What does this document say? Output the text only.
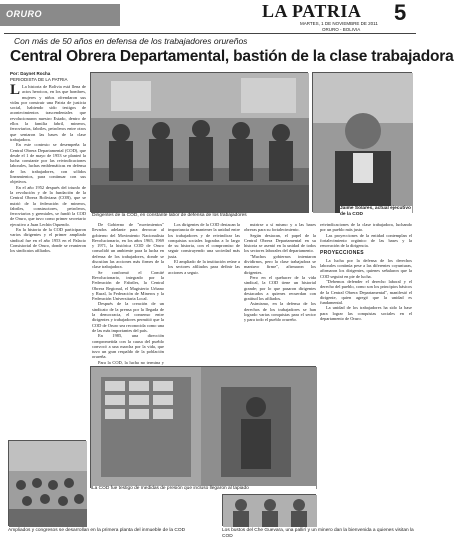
ORURO	LA PATRIA 5
MARTES, 1 DE NOVIEMBRE DE 2011
ORURO - BOLIVIA
Con más de 50 años en defensa de los trabajadores orureños
Central Obrera Departamental, bastión de la clase trabajadora
Por: Daynet Rocha
PERIODISTA DE LA PATRIA

L La historia de Bolivia está llena de actos heroicos, en los que hombres, mujeres y niños ofrendaron sus vidas por construir una Patria de justicia social, habiendo sido testigos de acontecimientos trascendentales que revolucionaron nuestro Estado, dentro de ellos la familia fabril, mineros, ferroviarios, fabriles, petroleros entre otros que sentaron las bases de la clase trabajadora.

En este contexto se desempeña la Central Obrera Departamental (COD), que desde el 1 de mayo de 1953 se planteó la lucha constante por las reivindicaciones laborales, luchas emblemáticas en defensa de los trabajadores, con sólidos lineamientos, para continuar con sus objetivos.

En el año 1952 después del triunfo de la revolución y de la fundación de la Central Obrera Boliviana (COB), que se nutrió de la federación de mineros, fabriles, constructores, petroleros, ferroviarios y gremiales, se fundó la COD de Oruro, que tuvo como primer secretario ejecutivo a Juan Lechín Oquendo.

En la historia de la COD participaron varios dirigentes y el primer ampliado sindical fue en el año 1953 en el Palacio Consistorial de Oruro, donde se reunieron los sindicatos afiliados.

Dirigentes de la COD, en constante labor de defensa de los trabajadores
Jaime Solares, actual ejecutivo de la COD

De Gobierno de "movimientos" llevados adelante para derrocar al gobierno del Movimiento Nacionalista Revolucionario, en los años 1965, 1969 y 1971, la histórica COD de Oruro consolidó un ambiente para la lucha en defensa de los trabajadores, donde se discutían las acciones más firmes de la clase trabajadora.

Se conformó el Comité Revolucionario, integrado por la Federación de Fabriles, la Central Obrera Regional, el Magisterio Urbano y Rural, la Federación de Mineros y la Federación Universitaria Local.

Después de la creación de un sindicato de la prensa por la llegada de la democracia, el consenso entre dirigentes y trabajadores permitió que la COD de Oruro sea reconocida como una de las más importantes del país.

En 1985, una dirección comprometida con la causa del pueblo convocó a una marcha por la vida, que tuvo un gran respaldo de la población orureña.

Para la COD, la lucha no termina y

Los dirigentes de la COD destacan la importancia de mantener la unidad entre los trabajadores y de reivindicar las conquistas sociales logradas a lo largo de su historia, con el compromiso de seguir construyendo una sociedad más justa.

El ampliado de la institución reúne a los sectores afiliados para definir las acciones a seguir.

nutrirse a sí mismo y a las bases obreras para su fortalecimiento.

Según destacan, el papel de la Central Obrera Departamental en su historia se asentó en la unidad de todos los sectores laborales del departamento.

"Muchos gobiernos intentaron dividirnos, pero la clase trabajadora se mantuvo firme", afirmaron los dirigentes.

Pero en el quehacer de la vida sindical, la COD tiene un historial grande; por lo que pasaron dirigentes destacados a quienes recuerdan con gratitud los afiliados.

Asimismo, en la defensa de los derechos de los trabajadores se han logrado varias conquistas para el sector y para todo el pueblo orureño.

reivindicaciones de la clase trabajadora, luchando por un pueblo más justo.

Las proyecciones de la entidad contemplan el fortalecimiento orgánico de las bases y la renovación de la dirigencia.

PROYECCIONES

La lucha por la defensa de los derechos laborales continúa pese a las diferentes coyunturas, afirmaron los dirigentes, quienes señalaron que la COD seguirá en pie de lucha.

"Debemos defender el derecho laboral y el derecho del pueblo, como son los principios básicos de la Central Obrera Departamental", manifestó el dirigente, quien agregó que la unidad es fundamental.

La unidad de los trabajadores ha sido la base para lograr las conquistas sociales en el departamento de Oruro.

La COD fue testigo de medidas de presión que incluso llegaron al tapiado
Ampliados y congresos se desarrollan en la primera planta del inmueble de la COD	Los bustos del Che Guevara, una pallirí y un minero dan la bienvenida a quienes visitan la COD
